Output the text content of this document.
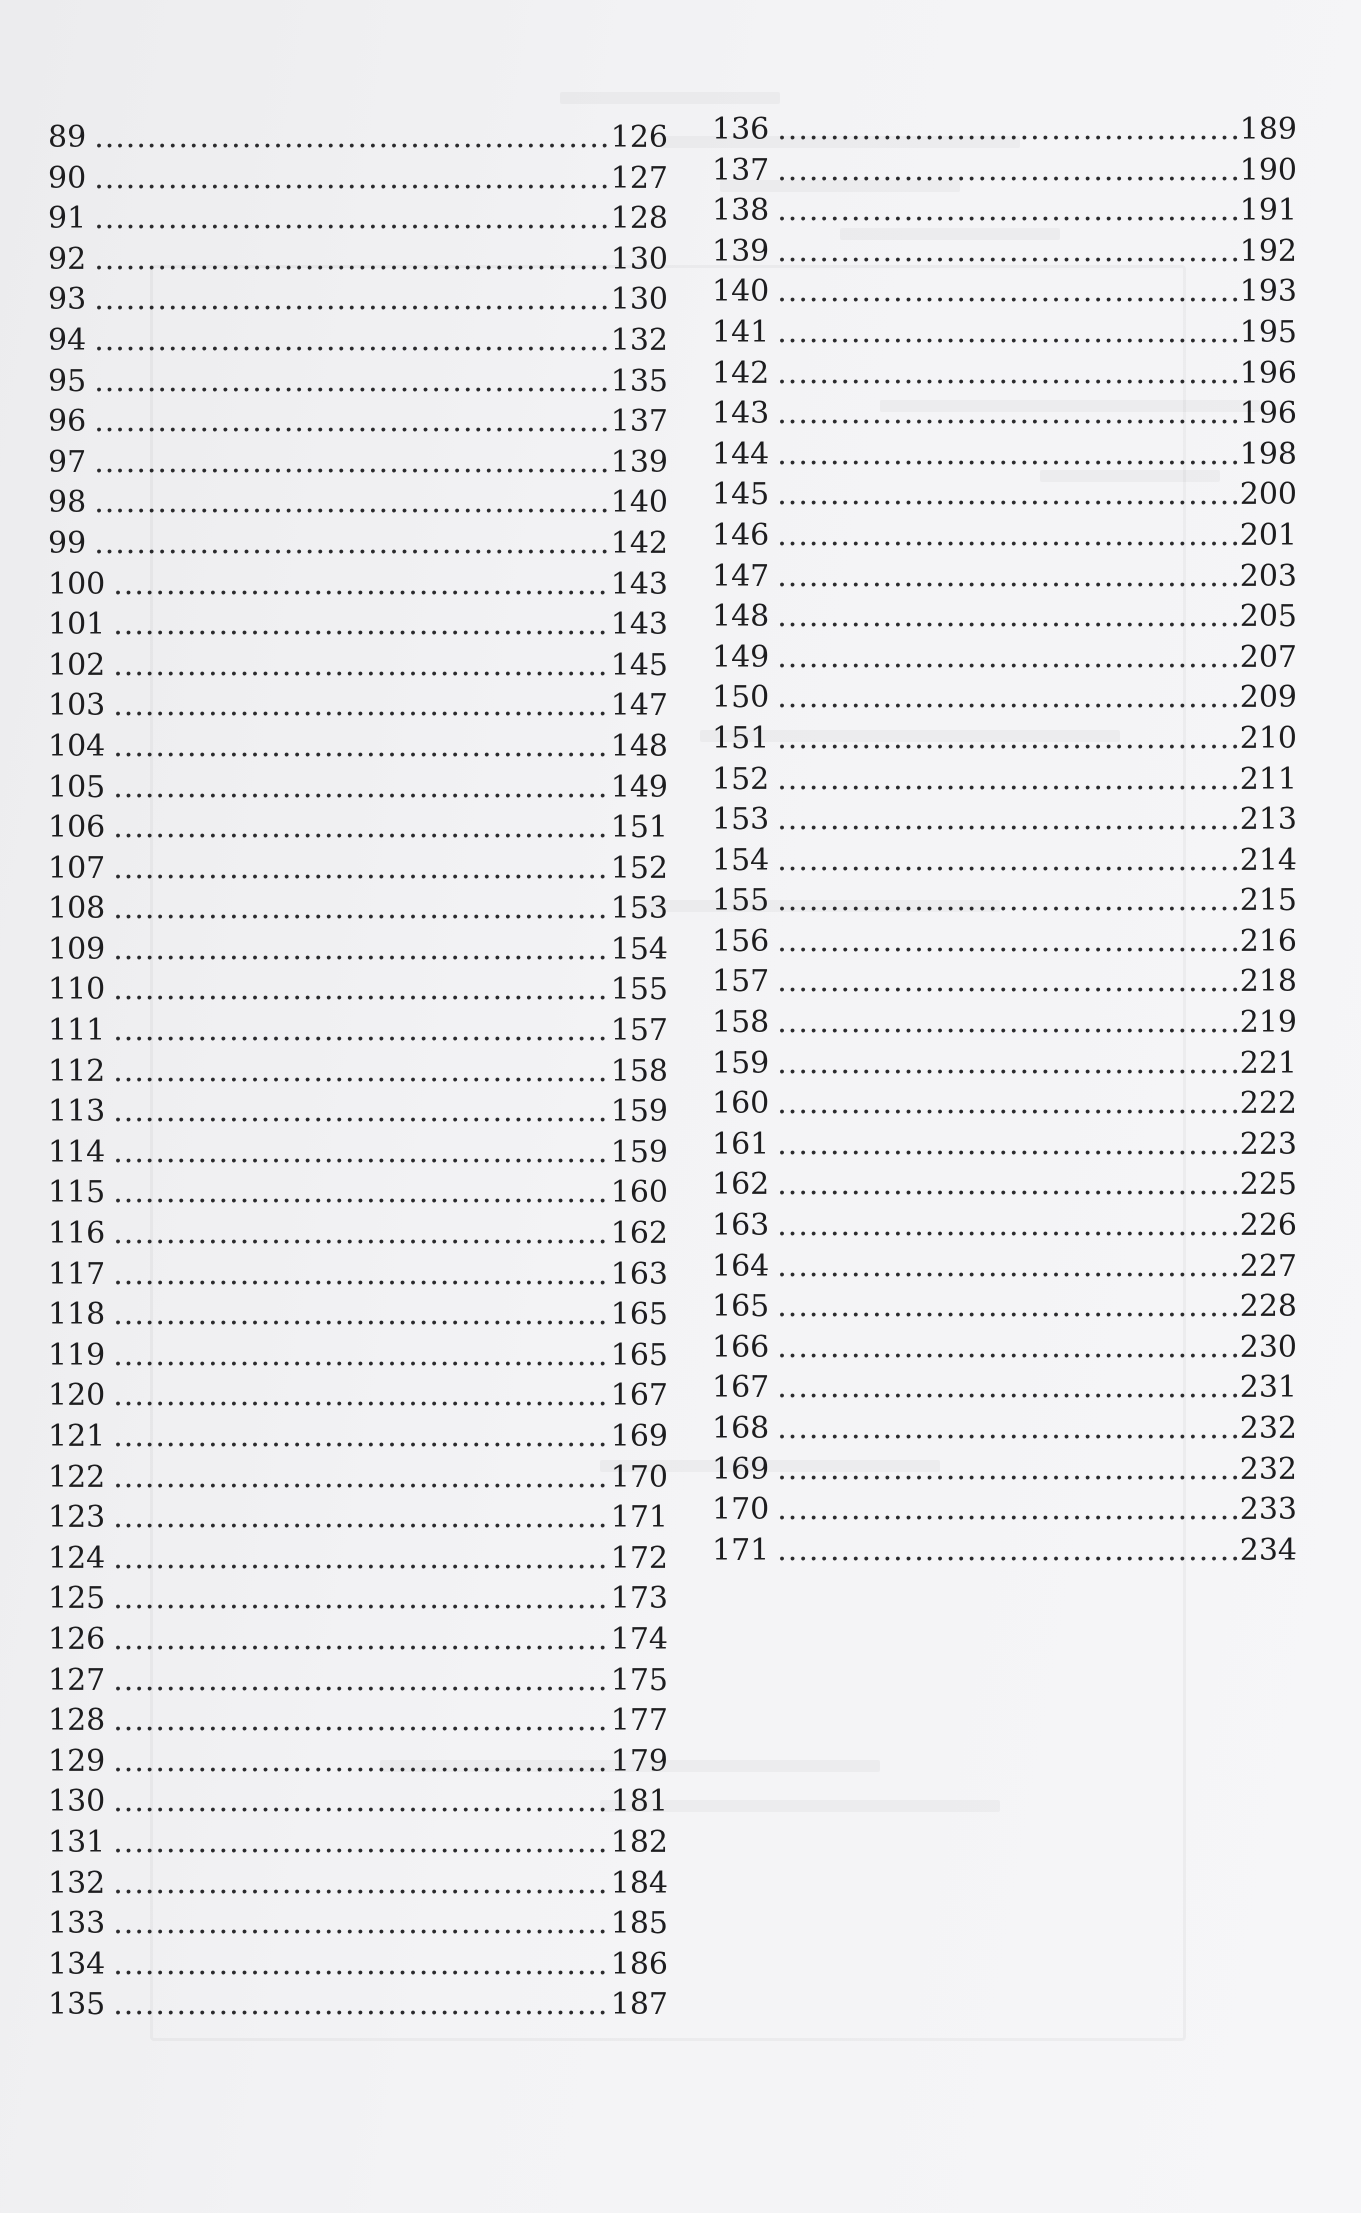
89 .....	126
90 .....	127
91 .....	128
92 .....	130
93 .....	130
94 .....	132
95 .....	135
96 .....	137
97 .....	139
98 .....	140
99 .....	142
100 .....	143
101 .....	143
102 .....	145
103 .....	147
104 .....	148
105 .....	149
106 .....	151
107 .....	152
108 .....	153
109 .....	154
110 .....	155
111 .....	157
112 .....	158
113 .....	159
114 .....	159
115 .....	160
116 .....	162
117 .....	163
118 .....	165
119 .....	165
120 .....	167
121 .....	169
122 .....	170
123 .....	171
124 .....	172
125 .....	173
126 .....	174
127 .....	175
128 .....	177
129 .....	179
130 .....	181
131 .....	182
132 .....	184
133 .....	185
134 .....	186
135 .....	187
136 .....	189
137 .....	190
138 .....	191
139 .....	192
140 .....	193
141 .....	195
142 .....	196
143 .....	196
144 .....	198
145 .....	200
146 .....	201
147 .....	203
148 .....	205
149 .....	207
150 .....	209
151 .....	210
152 .....	211
153 .....	213
154 .....	214
155 .....	215
156 .....	216
157 .....	218
158 .....	219
159 .....	221
160 .....	222
161 .....	223
162 .....	225
163 .....	226
164 .....	227
165 .....	228
166 .....	230
167 .....	231
168 .....	232
169 .....	232
170 .....	233
171 .....	234
